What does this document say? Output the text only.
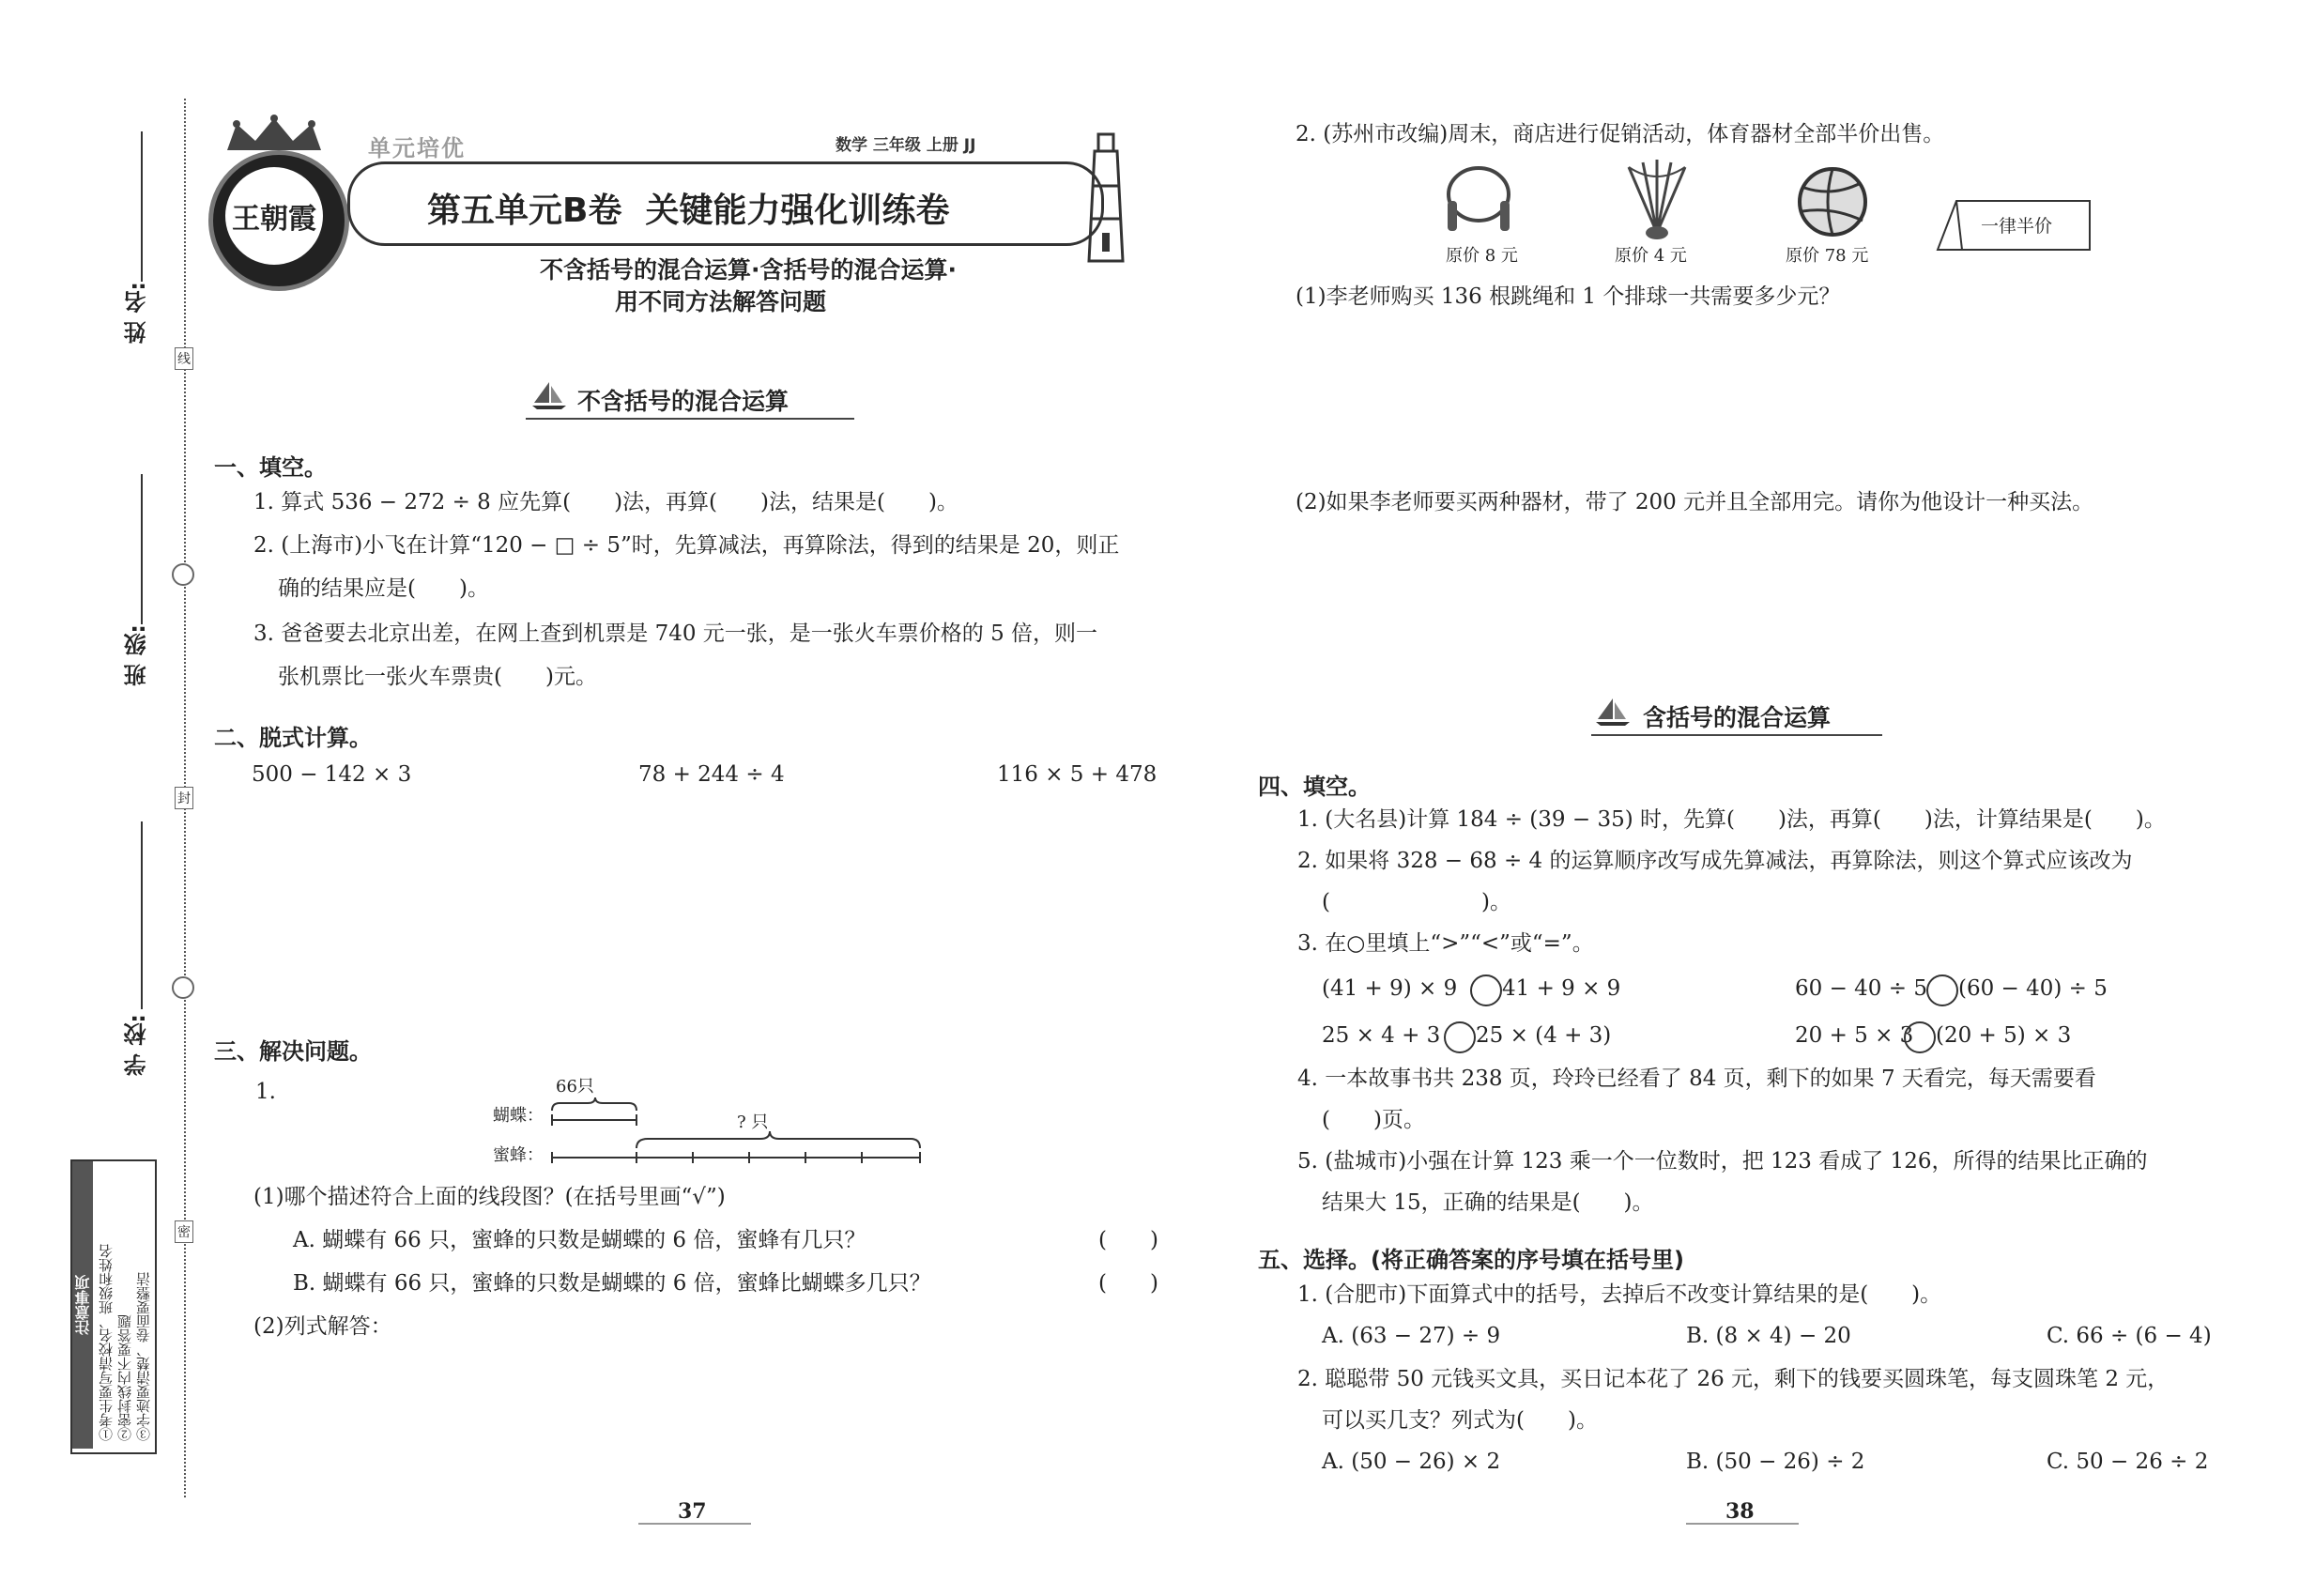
姓 名:
班 级:
学 校:
线
封
密
注意事项 ①考生要写清校名、班级和姓名 ②密封线内不要答题 ③字迹要清楚、卷面要整洁
王朝霞
单元培优	数学 三年级 上册 JJ
第五单元B卷  关键能力强化训练卷
不含括号的混合运算·含括号的混合运算·
用不同方法解答问题
不含括号的混合运算
一、填空。
1. 算式 536 − 272 ÷ 8 应先算(　　)法，再算(　　)法，结果是(　　)。
2. (上海市)小飞在计算“120 − □ ÷ 5”时，先算减法，再算除法，得到的结果是 20，则正
确的结果应是(　　)。
3. 爸爸要去北京出差，在网上查到机票是 740 元一张，是一张火车票价格的 5 倍，则一
张机票比一张火车票贵(　　)元。
二、脱式计算。
500 − 142 × 3	78 + 244 ÷ 4	116 × 5 + 478
三、解决问题。
1.	66只
蝴蝶：
蜜蜂：
? 只
(1)哪个描述符合上面的线段图？(在括号里画“√”)
A. 蝴蝶有 66 只，蜜蜂的只数是蝴蝶的 6 倍，蜜蜂有几只？	(　　)
B. 蝴蝶有 66 只，蜜蜂的只数是蝴蝶的 6 倍，蜜蜂比蝴蝶多几只？	(　　)
(2)列式解答：
37
2. (苏州市改编)周末，商店进行促销活动，体育器材全部半价出售。
原价 8 元	原价 4 元	原价 78 元
一律半价
(1)李老师购买 136 根跳绳和 1 个排球一共需要多少元？
(2)如果李老师要买两种器材，带了 200 元并且全部用完。请你为他设计一种买法。
含括号的混合运算
四、填空。
1. (大名县)计算 184 ÷ (39 − 35) 时，先算(　　)法，再算(　　)法，计算结果是(　　)。
2. 如果将 328 − 68 ÷ 4 的运算顺序改写成先算减法，再算除法，则这个算式应该改为
(　　　　　　　)。
3. 在○里填上“>”“<”或“=”。
(41 + 9) × 9 41 + 9 × 9	60 − 40 ÷ 5 (60 − 40) ÷ 5
25 × 4 + 3 25 × (4 + 3)	20 + 5 × 3 (20 + 5) × 3
4. 一本故事书共 238 页，玲玲已经看了 84 页，剩下的如果 7 天看完，每天需要看
(　　)页。
5. (盐城市)小强在计算 123 乘一个一位数时，把 123 看成了 126，所得的结果比正确的
结果大 15，正确的结果是(　　)。
五、选择。(将正确答案的序号填在括号里)
1. (合肥市)下面算式中的括号，去掉后不改变计算结果的是(　　)。
A. (63 − 27) ÷ 9	B. (8 × 4) − 20	C. 66 ÷ (6 − 4)
2. 聪聪带 50 元钱买文具，买日记本花了 26 元，剩下的钱要买圆珠笔，每支圆珠笔 2 元，
可以买几支？列式为(　　)。
A. (50 − 26) × 2	B. (50 − 26) ÷ 2	C. 50 − 26 ÷ 2
38
